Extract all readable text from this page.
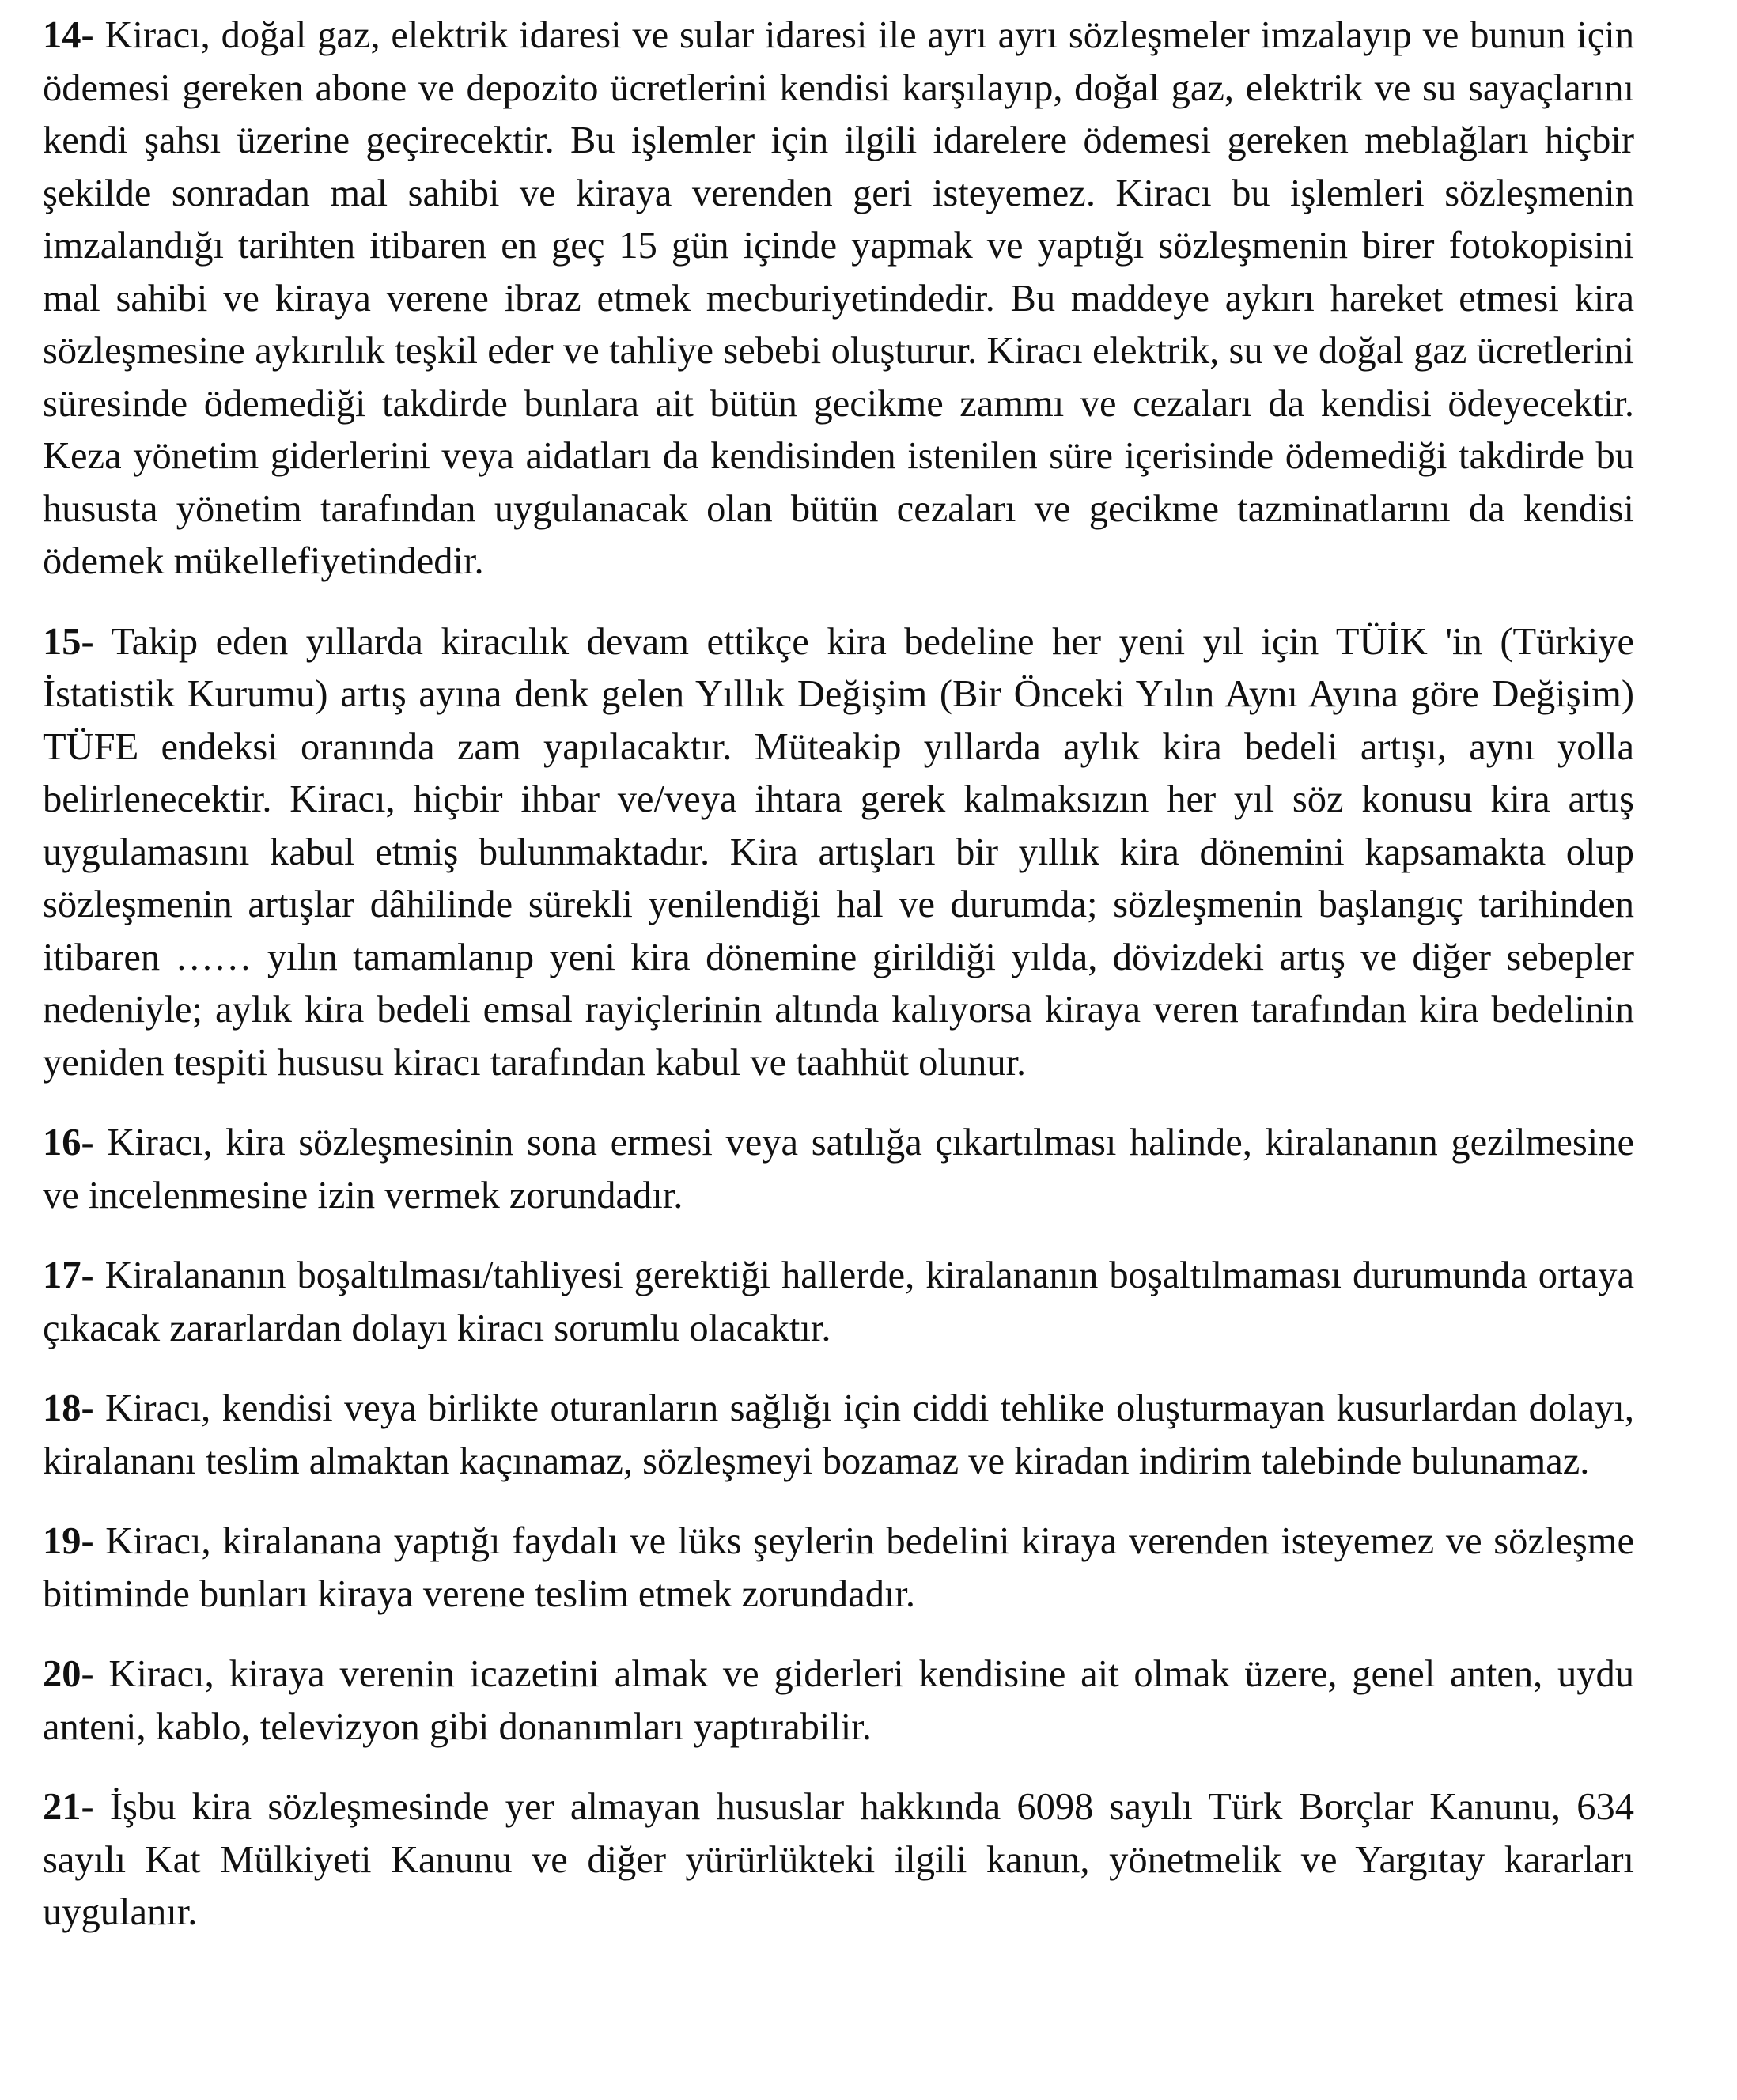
14- Kiracı, doğal gaz, elektrik idaresi ve sular idaresi ile ayrı ayrı sözleşmeler imzalayıp ve bunun için ödemesi gereken abone ve depozito ücretlerini kendisi karşılayıp, doğal gaz, elektrik ve su sayaçlarını kendi şahsı üzerine geçirecektir. Bu işlemler için ilgili idarelere ödemesi gereken meblağları hiçbir şekilde sonradan mal sahibi ve kiraya verenden geri isteyemez. Kiracı bu işlemleri sözleşmenin imzalandığı tarihten itibaren en geç 15 gün içinde yapmak ve yaptığı sözleşmenin birer fotokopisini mal sahibi ve kiraya verene ibraz etmek mecburiyetindedir. Bu maddeye aykırı hareket etmesi kira sözleşmesine aykırılık teşkil eder ve tahliye sebebi oluşturur. Kiracı elektrik, su ve doğal gaz ücretlerini süresinde ödemediği takdirde bunlara ait bütün gecikme zammı ve cezaları da kendisi ödeyecektir. Keza yönetim giderlerini veya aidatları da kendisinden istenilen süre içerisinde ödemediği takdirde bu hususta yönetim tarafından uygulanacak olan bütün cezaları ve gecikme tazminatlarını da kendisi ödemek mükellefiyetindedir.

15- Takip eden yıllarda kiracılık devam ettikçe kira bedeline her yeni yıl için TÜİK 'in (Türkiye İstatistik Kurumu) artış ayına denk gelen Yıllık Değişim (Bir Önceki Yılın Aynı Ayına göre Değişim) TÜFE endeksi oranında zam yapılacaktır. Müteakip yıllarda aylık kira bedeli artışı, aynı yolla belirlenecektir. Kiracı, hiçbir ihbar ve/veya ihtara gerek kalmaksızın her yıl söz konusu kira artış uygulamasını kabul etmiş bulunmaktadır. Kira artışları bir yıllık kira dönemini kapsamakta olup sözleşmenin artışlar dâhilinde sürekli yenilendiği hal ve durumda; sözleşmenin başlangıç tarihinden itibaren …… yılın tamamlanıp yeni kira dönemine girildiği yılda, dövizdeki artış ve diğer sebepler nedeniyle; aylık kira bedeli emsal rayiçlerinin altında kalıyorsa kiraya veren tarafından kira bedelinin yeniden tespiti hususu kiracı tarafından kabul ve taahhüt olunur.

16- Kiracı, kira sözleşmesinin sona ermesi veya satılığa çıkartılması halinde, kiralananın gezilmesine ve incelenmesine izin vermek zorundadır.

17- Kiralananın boşaltılması/tahliyesi gerektiği hallerde, kiralananın boşaltılmaması durumunda ortaya çıkacak zararlardan dolayı kiracı sorumlu olacaktır.

18- Kiracı, kendisi veya birlikte oturanların sağlığı için ciddi tehlike oluşturmayan kusurlardan dolayı, kiralananı teslim almaktan kaçınamaz, sözleşmeyi bozamaz ve kiradan indirim talebinde bulunamaz.

19- Kiracı, kiralanana yaptığı faydalı ve lüks şeylerin bedelini kiraya verenden isteyemez ve sözleşme bitiminde bunları kiraya verene teslim etmek zorundadır.

20- Kiracı, kiraya verenin icazetini almak ve giderleri kendisine ait olmak üzere, genel anten, uydu anteni, kablo, televizyon gibi donanımları yaptırabilir.

21- İşbu kira sözleşmesinde yer almayan hususlar hakkında 6098 sayılı Türk Borçlar Kanunu, 634 sayılı Kat Mülkiyeti Kanunu ve diğer yürürlükteki ilgili kanun, yönetmelik ve Yargıtay kararları uygulanır.
